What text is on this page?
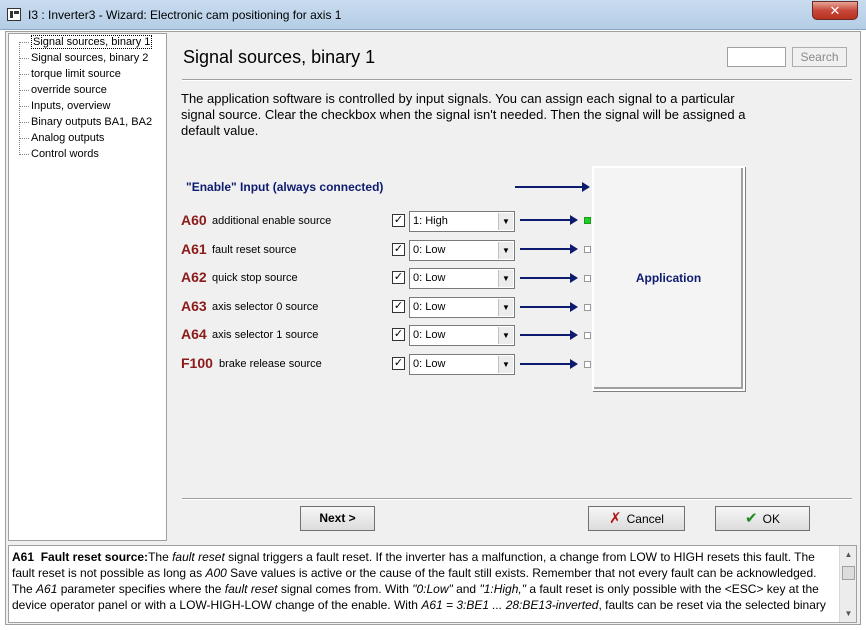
I3 : Inverter3 - Wizard: Electronic cam positioning for axis 1	✕
Signal sources, binary 1
Signal sources, binary 2
torque limit source
override source
Inputs, overview
Binary outputs BA1, BA2
Analog outputs
Control words
Signal sources, binary 1	Search
The application software is controlled by input signals. You can assign each signal to a particular signal source. Clear the checkbox when the signal isn't needed. Then the signal will be assigned a default value.
"Enable" Input (always connected)
A60 additional enable source	✓ 1: High	▼
A61 fault reset source	✓ 0: Low	▼
A62 quick stop source	✓ 0: Low	▼
A63 axis selector 0 source	✓ 0: Low	▼
A64 axis selector 1 source	✓ 0: Low	▼
F100 brake release source	✓ 0: Low	▼
Application
Next >	✗ Cancel	✔ OK
A61 Fault reset source:The fault reset signal triggers a fault reset. If the inverter has a malfunction, a change from LOW to HIGH resets this fault. The fault reset is not possible as long as A00 Save values is active or the cause of the fault still exists. Remember that not every fault can be acknowledged.
The A61 parameter specifies where the fault reset signal comes from. With "0:Low" and "1:High," a fault reset is only possible with the <ESC> key at the device operator panel or with a LOW-HIGH-LOW change of the enable. With A61 = 3:BE1 ... 28:BE13-inverted, faults can be reset via the selected binary
▲
▼
